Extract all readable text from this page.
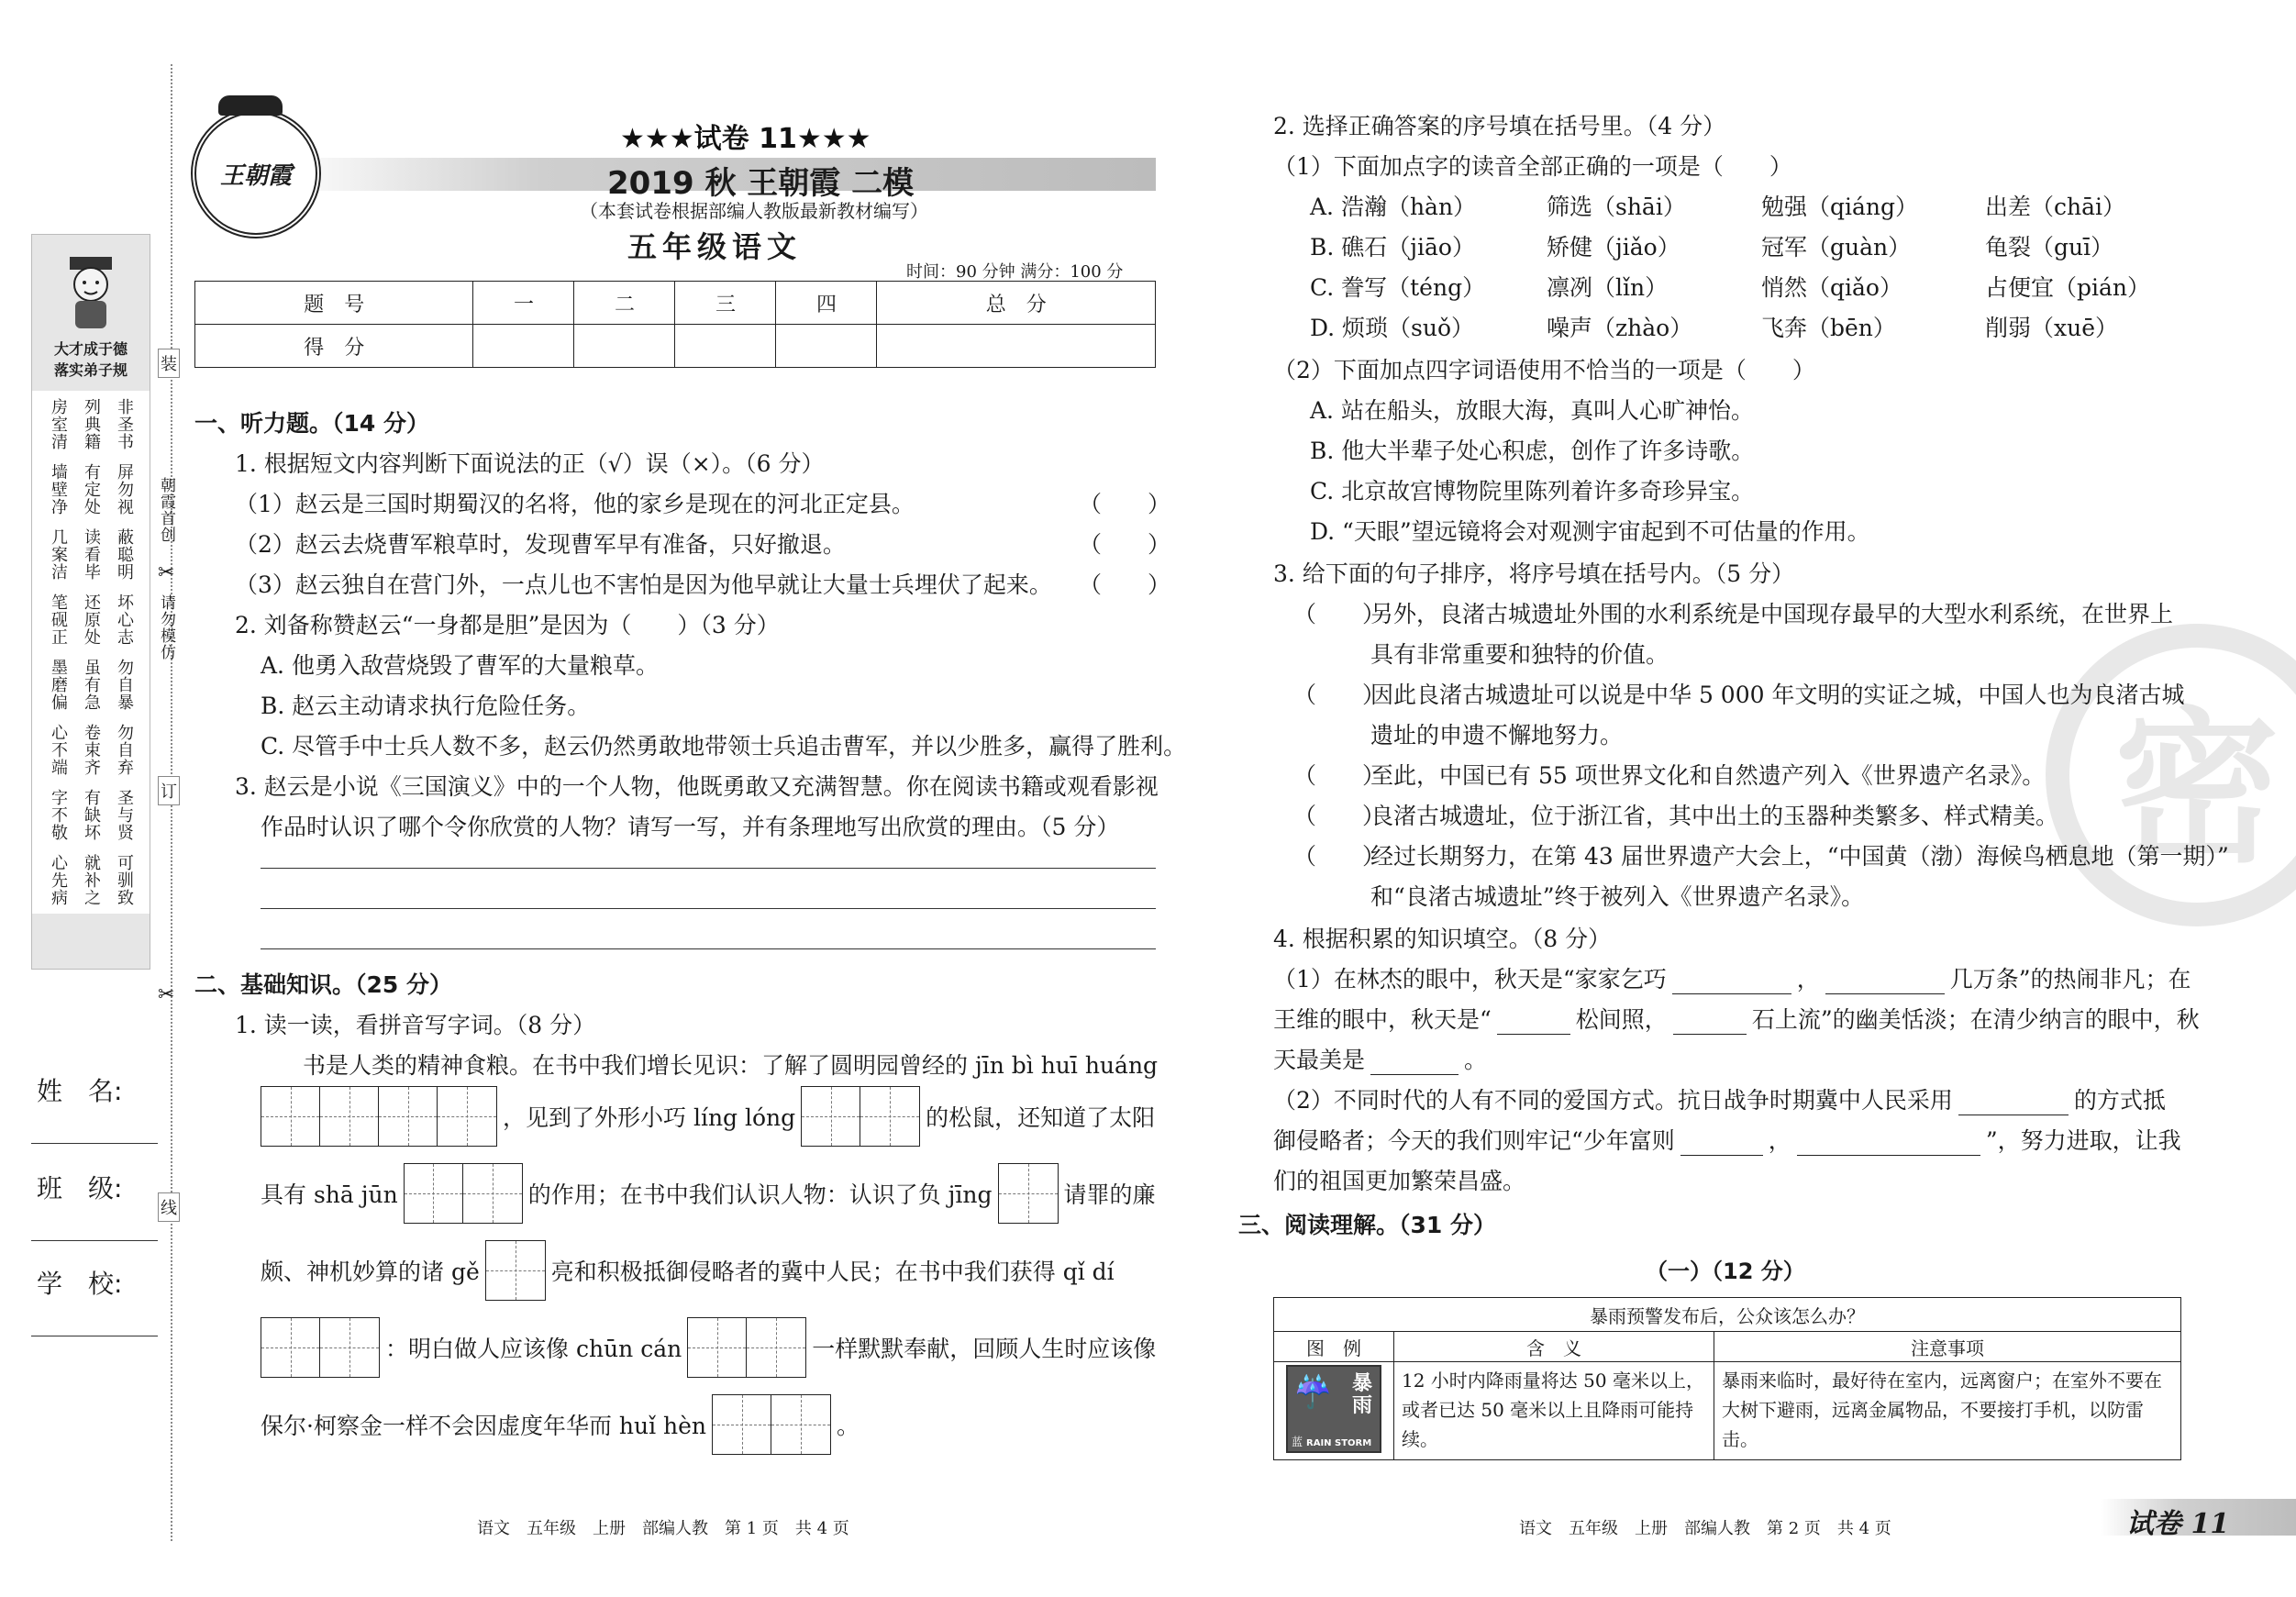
装
订
线
✂
✂
朝霞首创
请勿模仿
大才成于德
落实弟子规
房室清 列典籍 非圣书
墙壁净 有定处 屏勿视
几案洁 读看毕 蔽聪明
笔砚正 还原处 坏心志
墨磨偏 虽有急 勿自暴
心不端 卷束齐 勿自弃
字不敬 有缺坏 圣与贤
心先病 就补之 可驯致
姓　名:
班　级:
学　校:
王朝霞
★★★试卷 11★★★
2019 秋 王朝霞 二模
（本套试卷根据部编人教版最新教材编写）
五年级语文
时间：90 分钟 满分：100 分
题　号	一	二	三	四	总　分
得　分					
一、听力题。（14 分）
1. 根据短文内容判断下面说法的正（√）误（×）。（6 分）
（1）赵云是三国时期蜀汉的名将，他的家乡是现在的河北正定县。	（　　）
（2）赵云去烧曹军粮草时，发现曹军早有准备，只好撤退。	（　　）
（3）赵云独自在营门外，一点儿也不害怕是因为他早就让大量士兵埋伏了起来。 （　　）
2. 刘备称赞赵云“一身都是胆”是因为（　　）（3 分）
A. 他勇入敌营烧毁了曹军的大量粮草。
B. 赵云主动请求执行危险任务。
C. 尽管手中士兵人数不多，赵云仍然勇敢地带领士兵追击曹军，并以少胜多，赢得了胜利。
3. 赵云是小说《三国演义》中的一个人物，他既勇敢又充满智慧。你在阅读书籍或观看影视
作品时认识了哪个令你欣赏的人物？请写一写，并有条理地写出欣赏的理由。（5 分）
二、基础知识。（25 分）
1. 读一读，看拼音写字词。（8 分）
书是人类的精神食粮。在书中我们增长见识：了解了圆明园曾经的 jīn bì huī huáng
，见到了外形小巧 líng lóng	的松鼠，还知道了太阳
具有 shā jūn	的作用；在书中我们认识人物：认识了负 jīng	请罪的廉
颇、神机妙算的诸 gě	亮和积极抵御侵略者的冀中人民；在书中我们获得 qǐ dí
：明白做人应该像 chūn cán	一样默默奉献，回顾人生时应该像
保尔·柯察金一样不会因虚度年华而 huǐ hèn	。
语文　五年级　上册　部编人教　第 1 页　共 4 页
密
2. 选择正确答案的序号填在括号里。（4 分）
（1）下面加点字的读音全部正确的一项是（　　）
A. 浩瀚（hàn）	筛选（shāi）	勉强（qiáng）	出差（chāi）
B. 礁石（jiāo）	矫健（jiǎo）	冠军（guàn）	龟裂（guī）
C. 誊写（téng）	凛冽（lǐn）	悄然（qiǎo）	占便宜（pián）
D. 烦琐（suǒ）	噪声（zhào）	飞奔（bēn）	削弱（xuē）
（2）下面加点四字词语使用不恰当的一项是（　　）
A. 站在船头，放眼大海，真叫人心旷神怡。
B. 他大半辈子处心积虑，创作了许多诗歌。
C. 北京故宫博物院里陈列着许多奇珍异宝。
D. “天眼”望远镜将会对观测宇宙起到不可估量的作用。
3. 给下面的句子排序，将序号填在括号内。（5 分）
（　　）
另外，良渚古城遗址外围的水利系统是中国现存最早的大型水利系统，在世界上
具有非常重要和独特的价值。
（　　）
因此良渚古城遗址可以说是中华 5 000 年文明的实证之城，中国人也为良渚古城
遗址的申遗不懈地努力。
（　　）
至此，中国已有 55 项世界文化和自然遗产列入《世界遗产名录》。
（　　）
良渚古城遗址，位于浙江省，其中出土的玉器种类繁多、样式精美。
（　　）
经过长期努力，在第 43 届世界遗产大会上，“中国黄（渤）海候鸟栖息地（第一期）”
和“良渚古城遗址”终于被列入《世界遗产名录》。
4. 根据积累的知识填空。（8 分）
（1）在林杰的眼中，秋天是“家家乞巧	，	几万条”的热闹非凡；在
王维的眼中，秋天是“	松间照，	石上流”的幽美恬淡；在清少纳言的眼中，秋
天最美是	。
（2）不同时代的人有不同的爱国方式。抗日战争时期冀中人民采用	的方式抵
御侵略者；今天的我们则牢记“少年富则	，	”，努力进取，让我
们的祖国更加繁荣昌盛。
三、阅读理解。（31 分）
（一）（12 分）
暴雨预警发布后，公众该怎么办？		
图　例	含　义	注意事项

☔ 暴雨
蓝 RAIN STORM	12 小时内降雨量将达 50 毫米以上，或者已达 50 毫米以上且降雨可能持续。	暴雨来临时，最好待在室内，远离窗户；在室外不要在大树下避雨，远离金属物品，不要接打手机，以防雷击。
语文　五年级　上册　部编人教　第 2 页　共 4 页	试卷 11
